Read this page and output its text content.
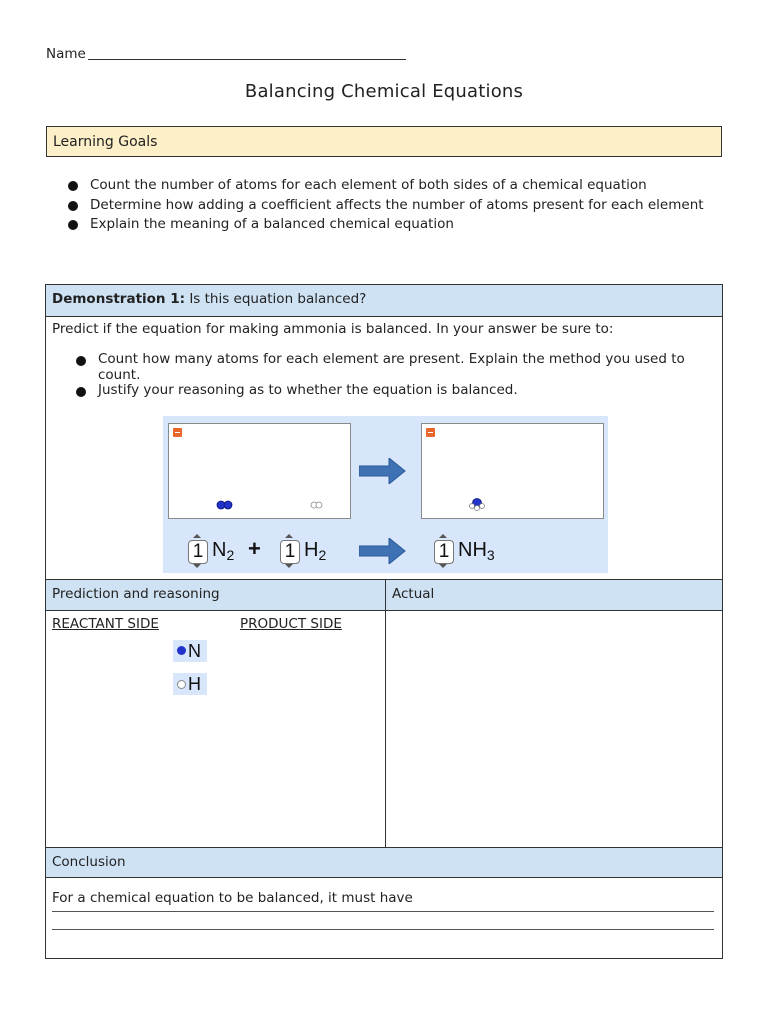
Name
Balancing Chemical Equations
Learning Goals
Count the number of atoms for each element of both sides of a chemical equation
Determine how adding a coefficient affects the number of atoms present for each element
Explain the meaning of a balanced chemical equation
Demonstration 1: Is this equation balanced?
Predict if the equation for making ammonia is balanced. In your answer be sure to:
Count how many atoms for each element are present. Explain the method you used to count.
Justify your reasoning as to whether the equation is balanced.
1 $N_2 + 1$ $H_2$	1 $NH_3$
Prediction and reasoning	Actual
REACTANT SIDE	PRODUCT SIDE
N
H
Conclusion
For a chemical equation to be balanced, it must have
